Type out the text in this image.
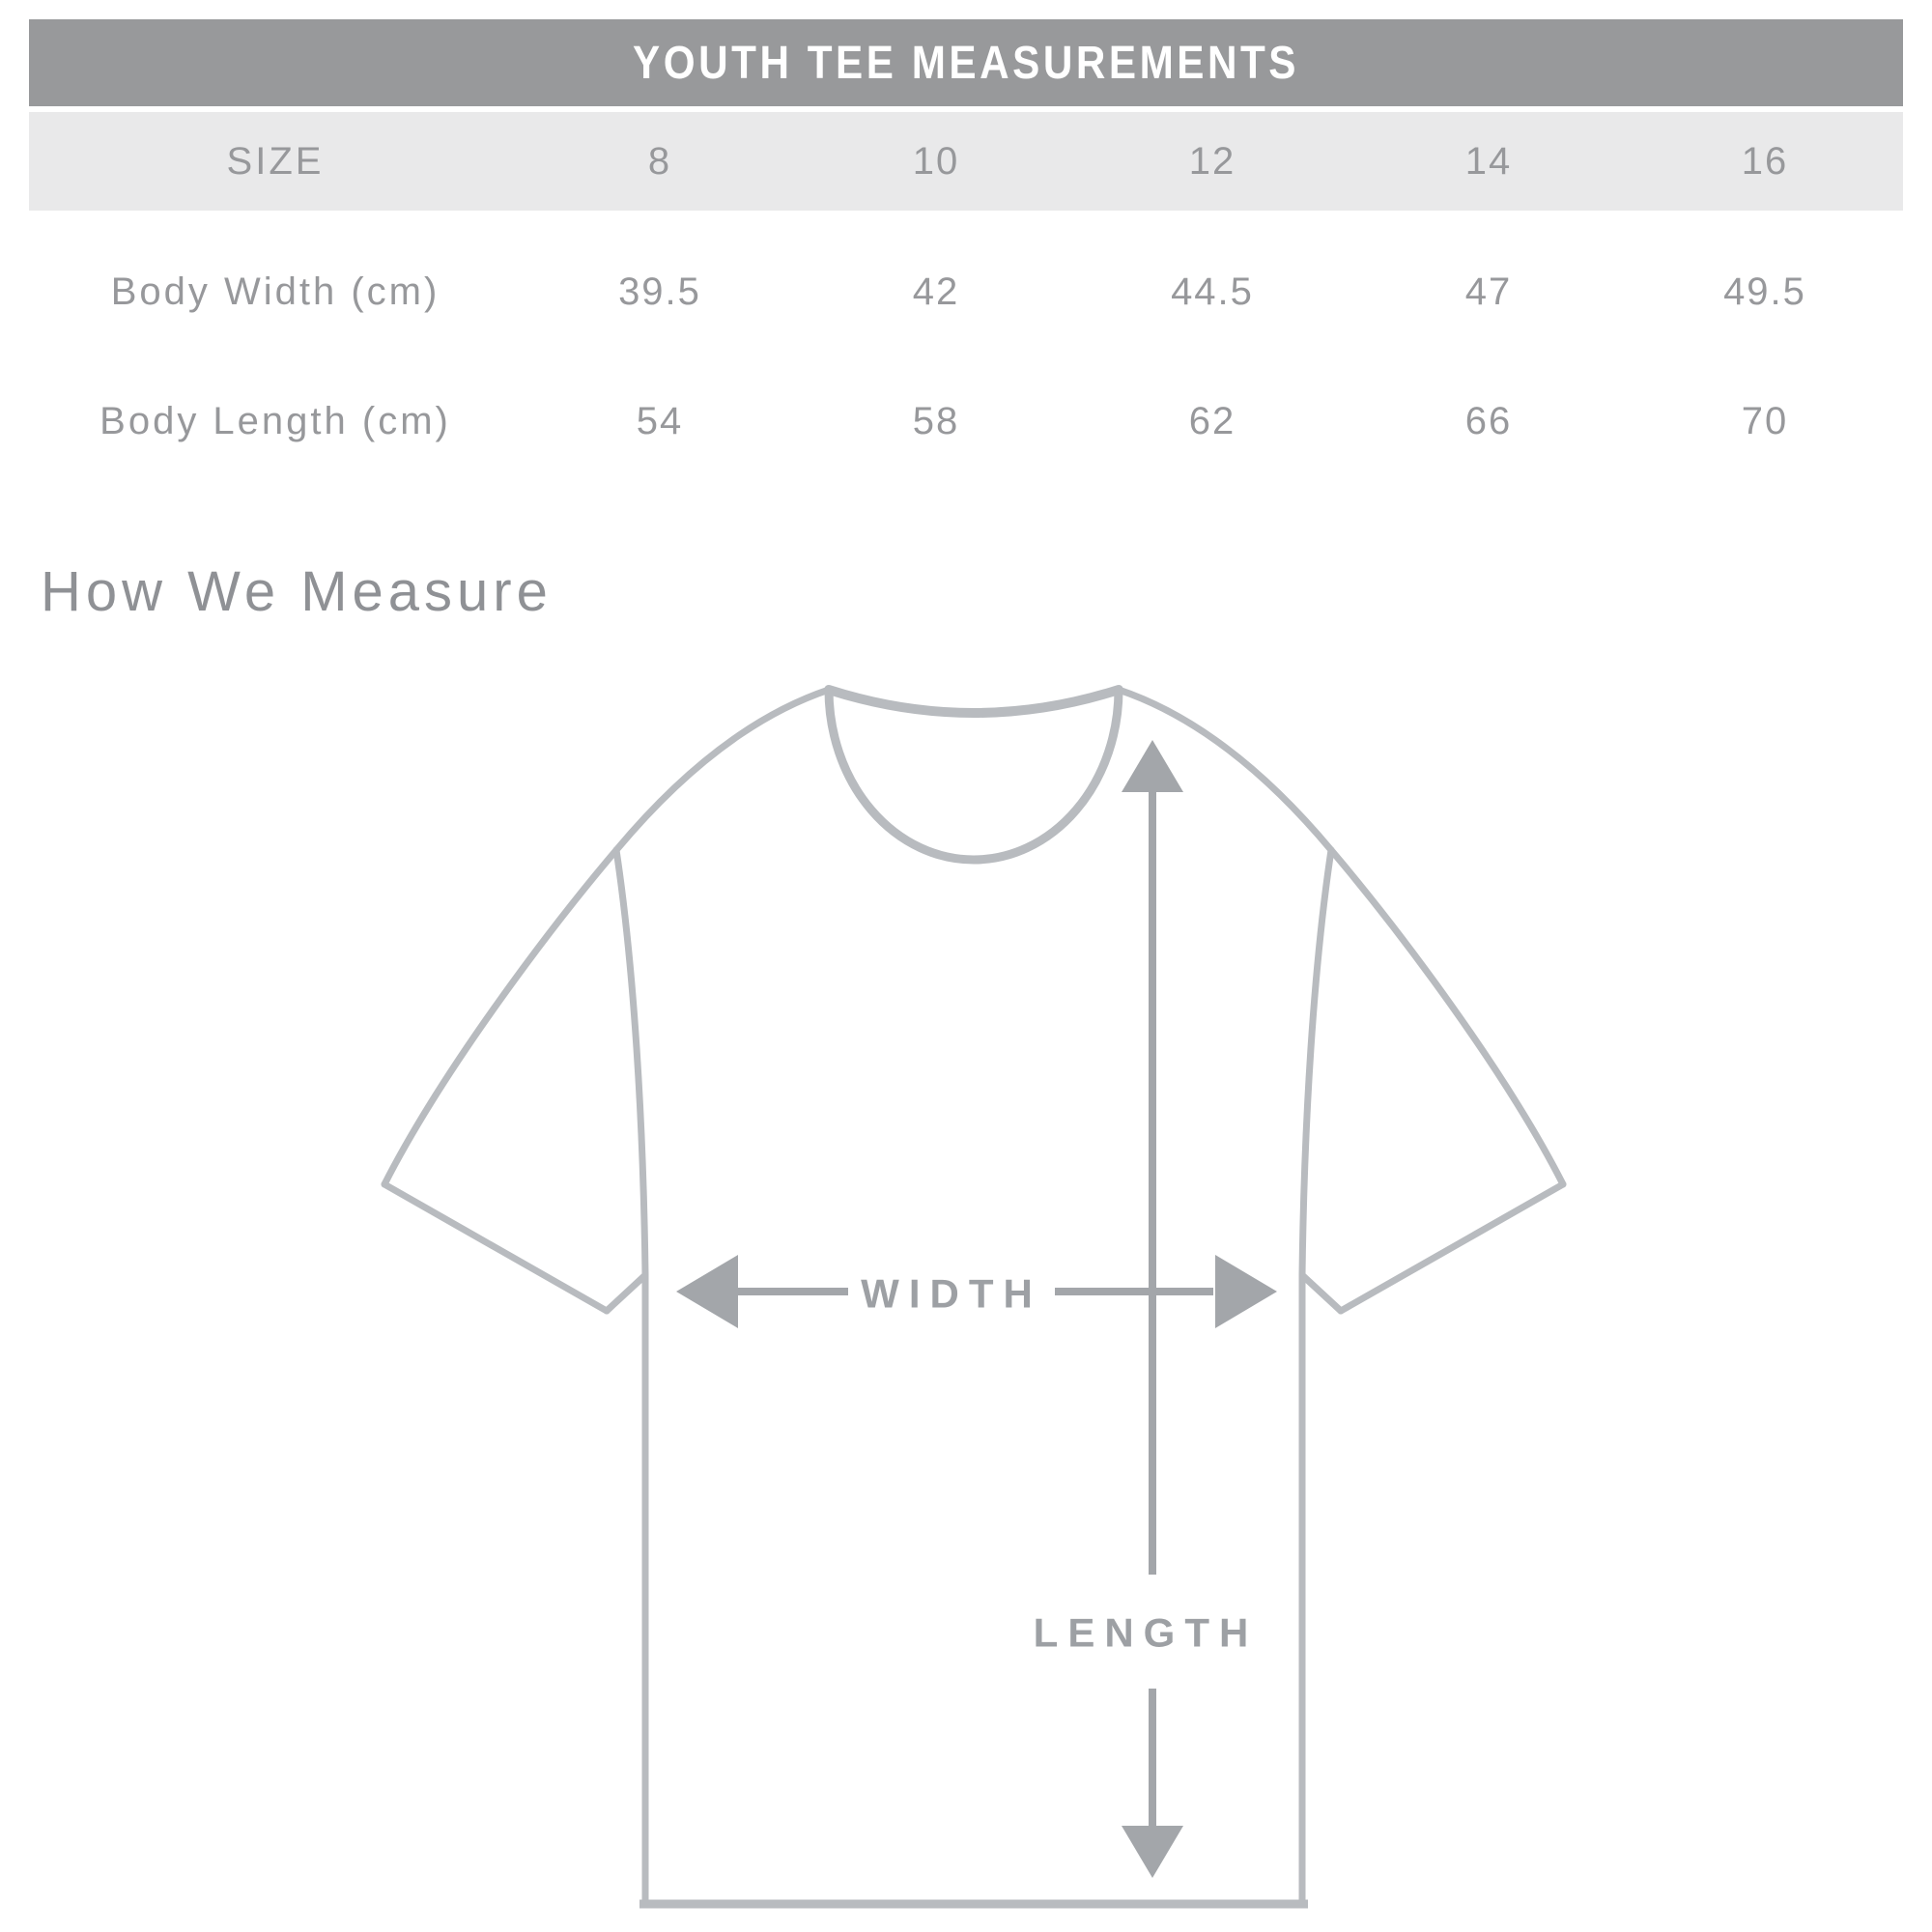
YOUTH TEE MEASUREMENTS
SIZE	8	10	12	14	16
Body Width (cm)	39.5	42	44.5	47	49.5
Body Length (cm)	54	58	62	66	70
How We Measure
WIDTH
LENGTH
